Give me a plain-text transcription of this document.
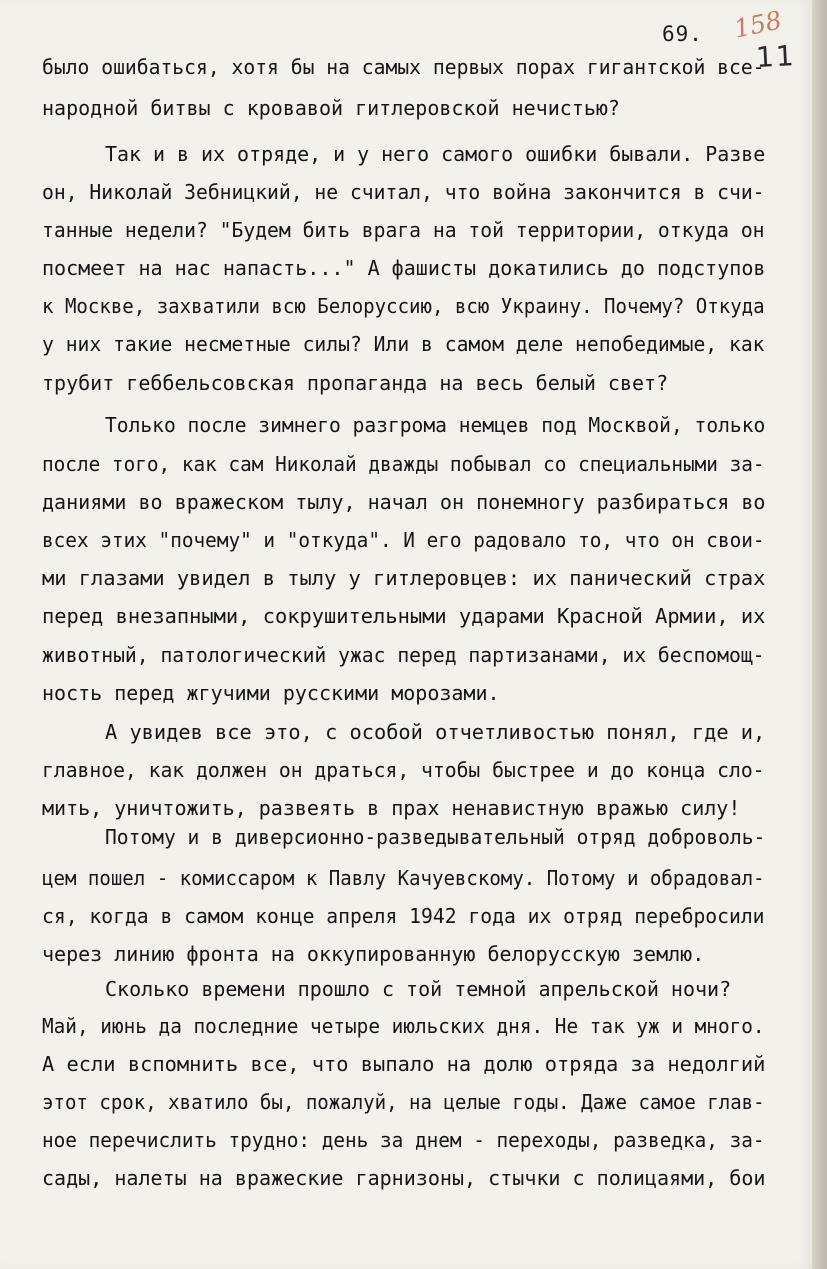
69. 158
11
было ошибаться, хотя бы на самых первых порах гигантской все-
народной битвы с кровавой гитлеровской нечистью?
Так и в их отряде, и у него самого ошибки бывали. Разве
он, Николай Зебницкий, не считал, что война закончится в счи-
танные недели? "Будем бить врага на той территории, откуда он
посмеет на нас напасть..." А фашисты докатились до подступов
к Москве, захватили всю Белоруссию, всю Украину. Почему? Откуда
у них такие несметные силы? Или в самом деле непобедимые, как
трубит геббельсовская пропаганда на весь белый свет?
Только после зимнего разгрома немцев под Москвой, только
после того, как сам Николай дважды побывал со специальными за-
даниями во вражеском тылу, начал он понемногу разбираться во
всех этих "почему" и "откуда". И его радовало то, что он свои-
ми глазами увидел в тылу у гитлеровцев: их панический страх
перед внезапными, сокрушительными ударами Красной Армии, их
животный, патологический ужас перед партизанами, их беспомощ-
ность перед жгучими русскими морозами.
А увидев все это, с особой отчетливостью понял, где и,
главное, как должен он драться, чтобы быстрее и до конца сло-
мить, уничтожить, развеять в прах ненавистную вражью силу!
Потому и в диверсионно-разведывательный отряд доброволь-
цем пошел - комиссаром к Павлу Качуевскому. Потому и обрадовал-
ся, когда в самом конце апреля 1942 года их отряд перебросили
через линию фронта на оккупированную белорусскую землю.
Сколько времени прошло с той темной апрельской ночи?
Май, июнь да последние четыре июльских дня. Не так уж и много.
А если вспомнить все, что выпало на долю отряда за недолгий
этот срок, хватило бы, пожалуй, на целые годы. Даже самое глав-
ное перечислить трудно: день за днем - переходы, разведка, за-
сады, налеты на вражеские гарнизоны, стычки с полицаями, бои
